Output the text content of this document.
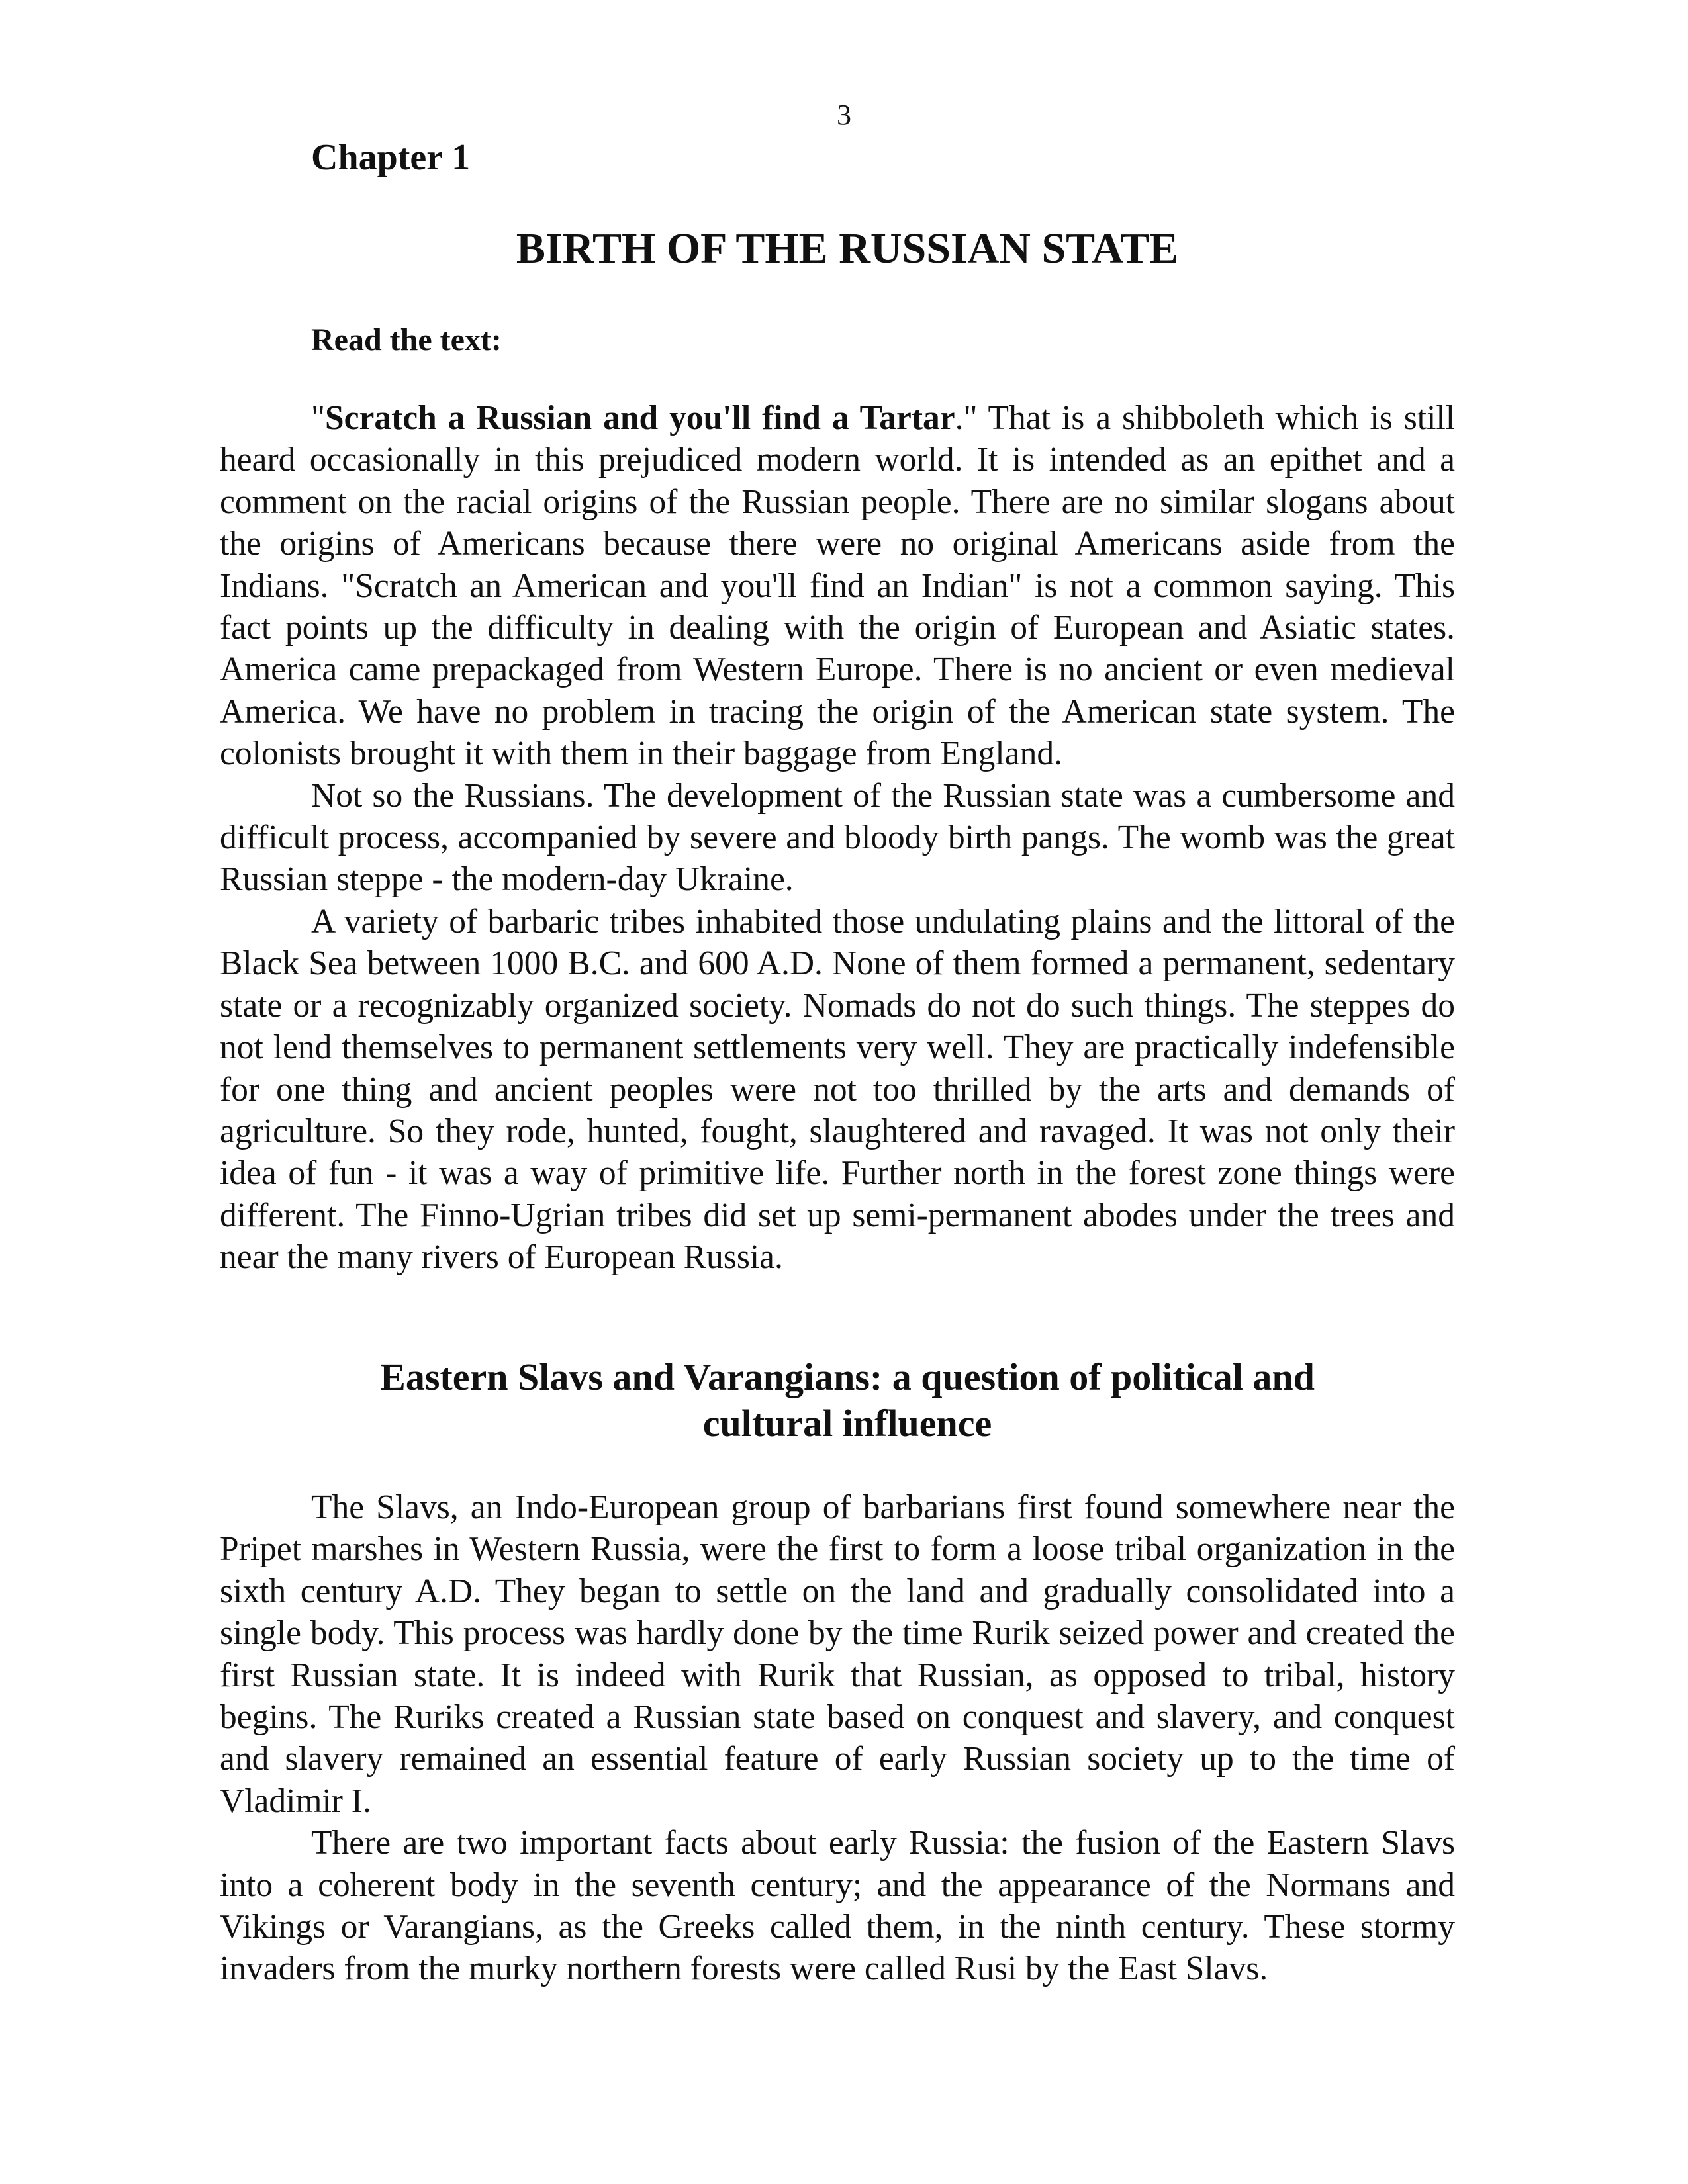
3
Chapter 1
BIRTH OF THE RUSSIAN STATE
Read the text:

"Scratch a Russian and you'll find a Tartar." That is a shibboleth which is still heard occasionally in this prejudiced modern world. It is intended as an epithet and a comment on the racial origins of the Russian people. There are no similar slogans about the origins of Americans because there were no original Americans aside from the Indians. "Scratch an American and you'll find an Indian" is not a common saying. This fact points up the difficulty in dealing with the origin of European and Asiatic states. America came prepackaged from Western Europe. There is no ancient or even medieval America. We have no problem in tracing the origin of the American state system. The colonists brought it with them in their baggage from England.

Not so the Russians. The development of the Russian state was a cumbersome and difficult process, accompanied by severe and bloody birth pangs. The womb was the great Russian steppe - the modern-day Ukraine.

A variety of barbaric tribes inhabited those undulating plains and the littoral of the Black Sea between 1000 B.C. and 600 A.D. None of them formed a permanent, sedentary state or a recognizably organized society. Nomads do not do such things. The steppes do not lend themselves to permanent settlements very well. They are practically indefensible for one thing and ancient peoples were not too thrilled by the arts and demands of agriculture. So they rode, hunted, fought, slaughtered and ravaged. It was not only their idea of fun - it was a way of primitive life. Further north in the forest zone things were different. The Finno-Ugrian tribes did set up semi-permanent abodes under the trees and near the many rivers of European Russia.

Eastern Slavs and Varangians: a question of political and
cultural influence

The Slavs, an Indo-European group of barbarians first found somewhere near the Pripet marshes in Western Russia, were the first to form a loose tribal organization in the sixth century A.D. They began to settle on the land and gradually consolidated into a single body. This process was hardly done by the time Rurik seized power and created the first Russian state. It is indeed with Rurik that Russian, as opposed to tribal, history begins. The Ruriks created a Russian state based on conquest and slavery, and conquest and slavery remained an essential feature of early Russian society up to the time of Vladimir I.

There are two important facts about early Russia: the fusion of the Eastern Slavs into a coherent body in the seventh century; and the appearance of the Normans and Vikings or Varangians, as the Greeks called them, in the ninth century. These stormy invaders from the murky northern forests were called Rusi by the East Slavs.
